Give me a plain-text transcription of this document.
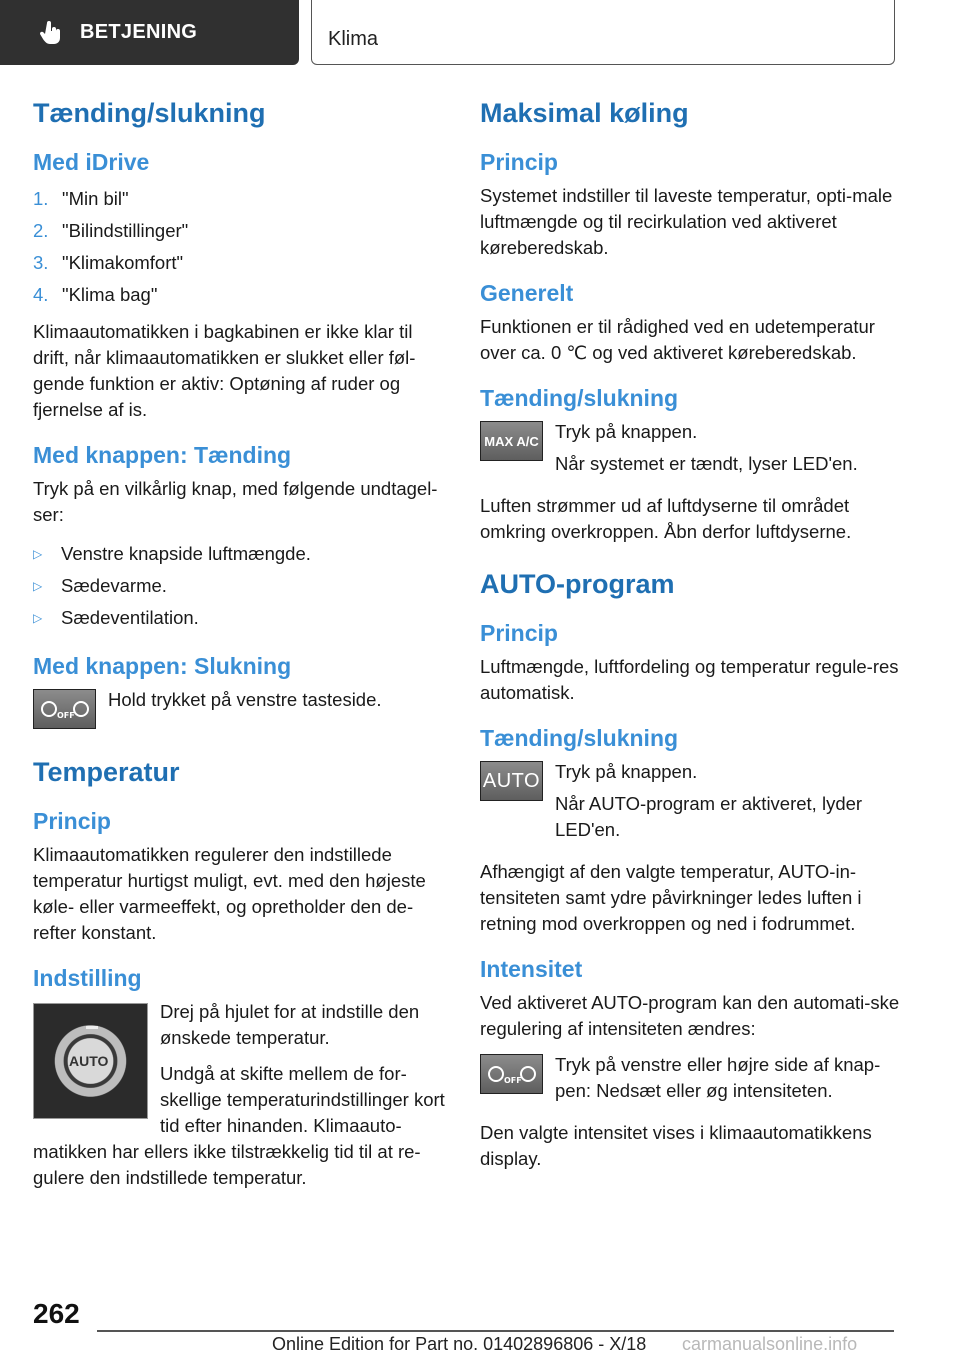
BETJENING	Klima
Tænding/slukning
Med iDrive
1. "Min bil"
2. "Bilindstillinger"
3. "Klimakomfort"
4. "Klima bag"

Klimaautomatikken i bagkabinen er ikke klar til drift, når klimaautomatikken er slukket eller føl‐gende funktion er aktiv: Optøning af ruder og fjernelse af is.

Med knappen: Tænding

Tryk på en vilkårlig knap, med følgende undtagel‐ser:

▷	Venstre knapside luftmængde.
▷	Sædevarme.
▷	Sædeventilation.
Med knappen: Slukning
OFF

Hold trykket på venstre tasteside.

Temperatur
Princip

Klimaautomatikken regulerer den indstillede temperatur hurtigst muligt, evt. med den højeste køle- eller varmeeffekt, og opretholder den de‐refter konstant.

Indstilling
AUTO

Drej på hjulet for at indstille den ønskede temperatur.

Undgå at skifte mellem de for‐skellige temperaturindstillinger kort tid efter hinanden. Klimaauto‐matikken har ellers ikke tilstrækkelig tid til at re‐gulere den indstillede temperatur.

Maksimal køling
Princip

Systemet indstiller til laveste temperatur, opti‐male luftmængde og til recirkulation ved aktiveret køreberedskab.

Generelt

Funktionen er til rådighed ved en udetemperatur over ca. 0 ℃ og ved aktiveret køreberedskab.

Tænding/slukning
MAX A/C Tryk på knappen.

Når systemet er tændt, lyser LED'en.

Luften strømmer ud af luftdyserne til området omkring overkroppen. Åbn derfor luftdyserne.

AUTO-program
Princip

Luftmængde, luftfordeling og temperatur regule‐res automatisk.

Tænding/slukning
AUTO Tryk på knappen.

Når AUTO-program er aktiveret, lyder LED'en.

Afhængigt af den valgte temperatur, AUTO-in‐tensiteten samt ydre påvirkninger ledes luften i retning mod overkroppen og ned i fodrummet.

Intensitet

Ved aktiveret AUTO-program kan den automati‐ske regulering af intensiteten ændres:

OFF

Tryk på venstre eller højre side af knap‐pen: Nedsæt eller øg intensiteten.

Den valgte intensitet vises i klimaautomatikkens display.

262
Online Edition for Part no. 01402896806 - X/18 carmanualsonline.info
